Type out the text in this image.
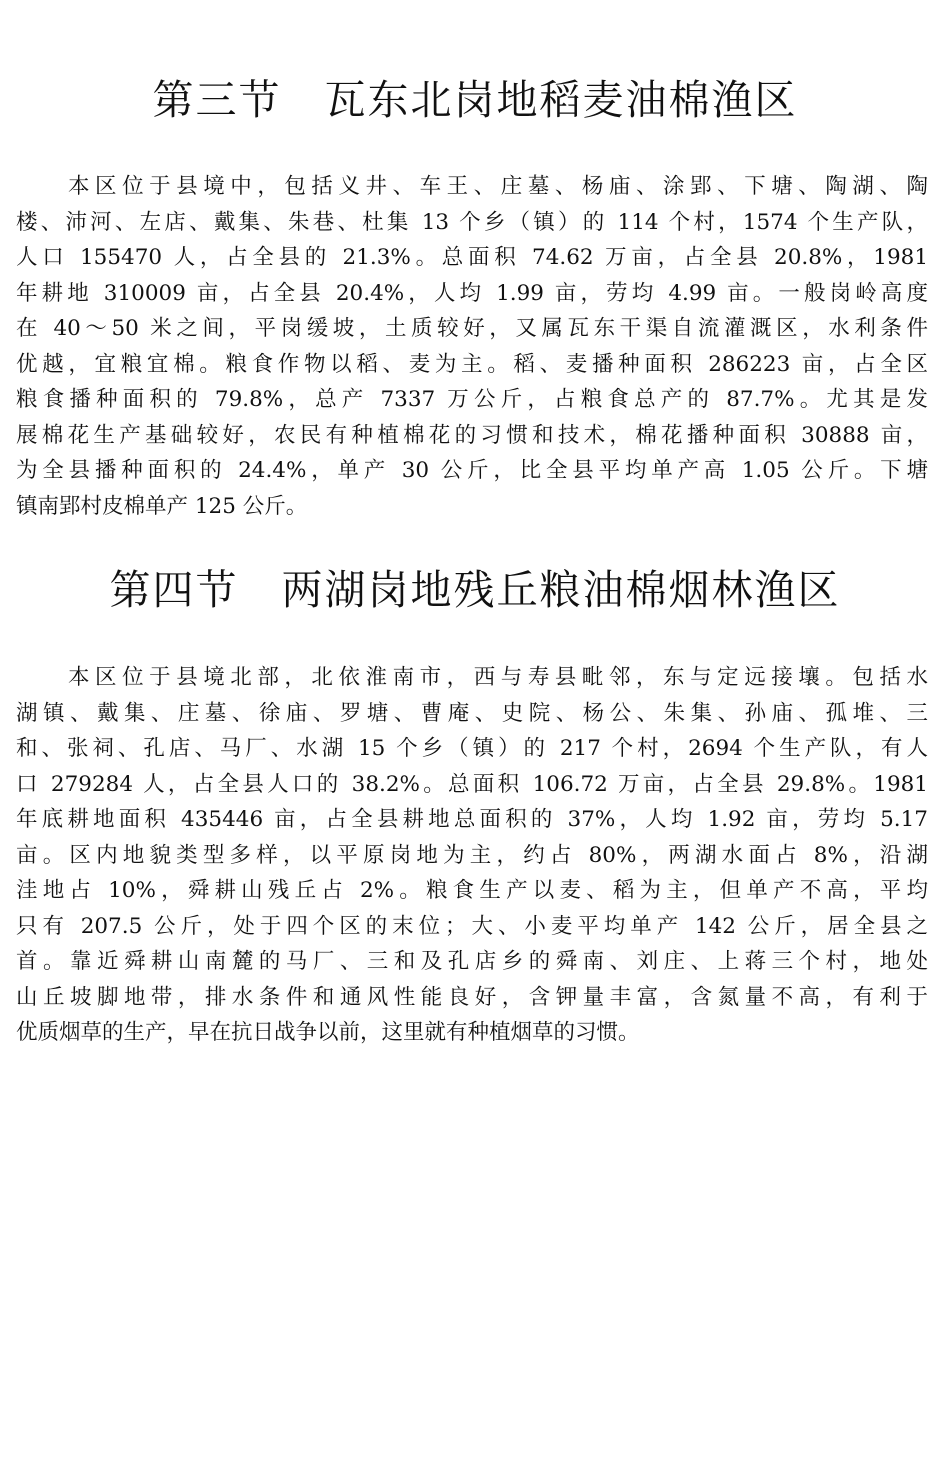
第三节　瓦东北岗地稻麦油棉渔区
本区位于县境中，包括义井、车王、庄墓、杨庙、涂郢、下塘、陶湖、陶
楼、沛河、左店、戴集、朱巷、杜集 13 个乡（镇）的 114 个村，1574 个生产队，
人口 155470 人，占全县的 21.3%。总面积 74.62 万亩，占全县 20.8%，1981
年耕地 310009 亩，占全县 20.4%，人均 1.99 亩，劳均 4.99 亩。一般岗岭高度
在 40～50 米之间，平岗缓坡，土质较好，又属瓦东干渠自流灌溉区，水利条件
优越，宜粮宜棉。粮食作物以稻、麦为主。稻、麦播种面积 286223 亩，占全区
粮食播种面积的 79.8%，总产 7337 万公斤，占粮食总产的 87.7%。尤其是发
展棉花生产基础较好，农民有种植棉花的习惯和技术，棉花播种面积 30888 亩，
为全县播种面积的 24.4%，单产 30 公斤，比全县平均单产高 1.05 公斤。下塘
镇南郢村皮棉单产 125 公斤。
第四节　两湖岗地残丘粮油棉烟林渔区
本区位于县境北部，北依淮南市，西与寿县毗邻，东与定远接壤。包括水
湖镇、戴集、庄墓、徐庙、罗塘、曹庵、史院、杨公、朱集、孙庙、孤堆、三
和、张祠、孔店、马厂、水湖 15 个乡（镇）的 217 个村，2694 个生产队，有人
口 279284 人，占全县人口的 38.2%。总面积 106.72 万亩，占全县 29.8%。1981
年底耕地面积 435446 亩，占全县耕地总面积的 37%，人均 1.92 亩，劳均 5.17
亩。区内地貌类型多样，以平原岗地为主，约占 80%，两湖水面占 8%，沿湖
洼地占 10%，舜耕山残丘占 2%。粮食生产以麦、稻为主，但单产不高，平均
只有 207.5 公斤，处于四个区的末位；大、小麦平均单产 142 公斤，居全县之
首。靠近舜耕山南麓的马厂、三和及孔店乡的舜南、刘庄、上蒋三个村，地处
山丘坡脚地带，排水条件和通风性能良好，含钾量丰富，含氮量不高，有利于
优质烟草的生产，早在抗日战争以前，这里就有种植烟草的习惯。
